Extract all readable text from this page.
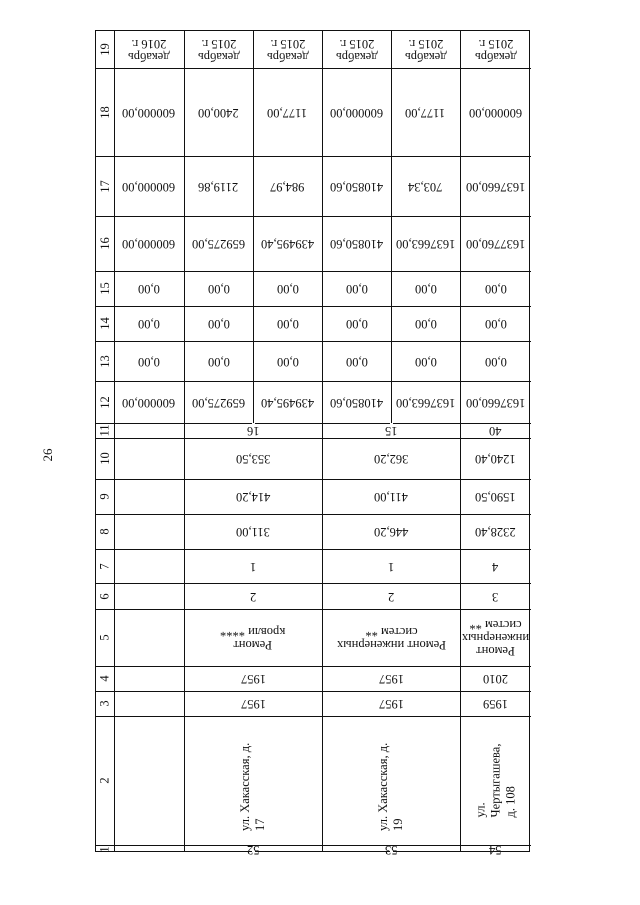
26
19
18
17
16
15
14
13
12
11
10
9
8
7
6
5
4
3
2
1
декабрь
2016 г.
600000,00
600000,00
600000,00
0,00
0,00
0,00
600000,00
декабрь
2015 г.
2400,00
2119,86
659275,00
0,00
0,00
0,00
659275,00
декабрь
2015 г.
1177,00
984,97
439495,40
0,00
0,00
0,00
439495,40
декабрь
2015 г.
600000,00
410850,60
410850,60
0,00
0,00
0,00
410850,60
декабрь
2015 г.
1177,00
703,34
1637663,00
0,00
0,00
0,00
1637663,00
декабрь
2015 г.
600000,00
1637660,00
1637760,00
0,00
0,00
0,00
1637660,00
16
353,50
414,20
311,00
1
2
Ремонт
кровли ****
1957
1957
ул. Хакасская, д. 17
52
15
362,20
411,00
446,20
1
2
Ремонт инженерных
систем **
1957
1957
ул. Хакасская, д. 19
53
40
1240,40
1590,50
2328,40
4
3
Ремонт инженерных
систем **
2010
1959
ул. Чертыгашева, д. 108
54
